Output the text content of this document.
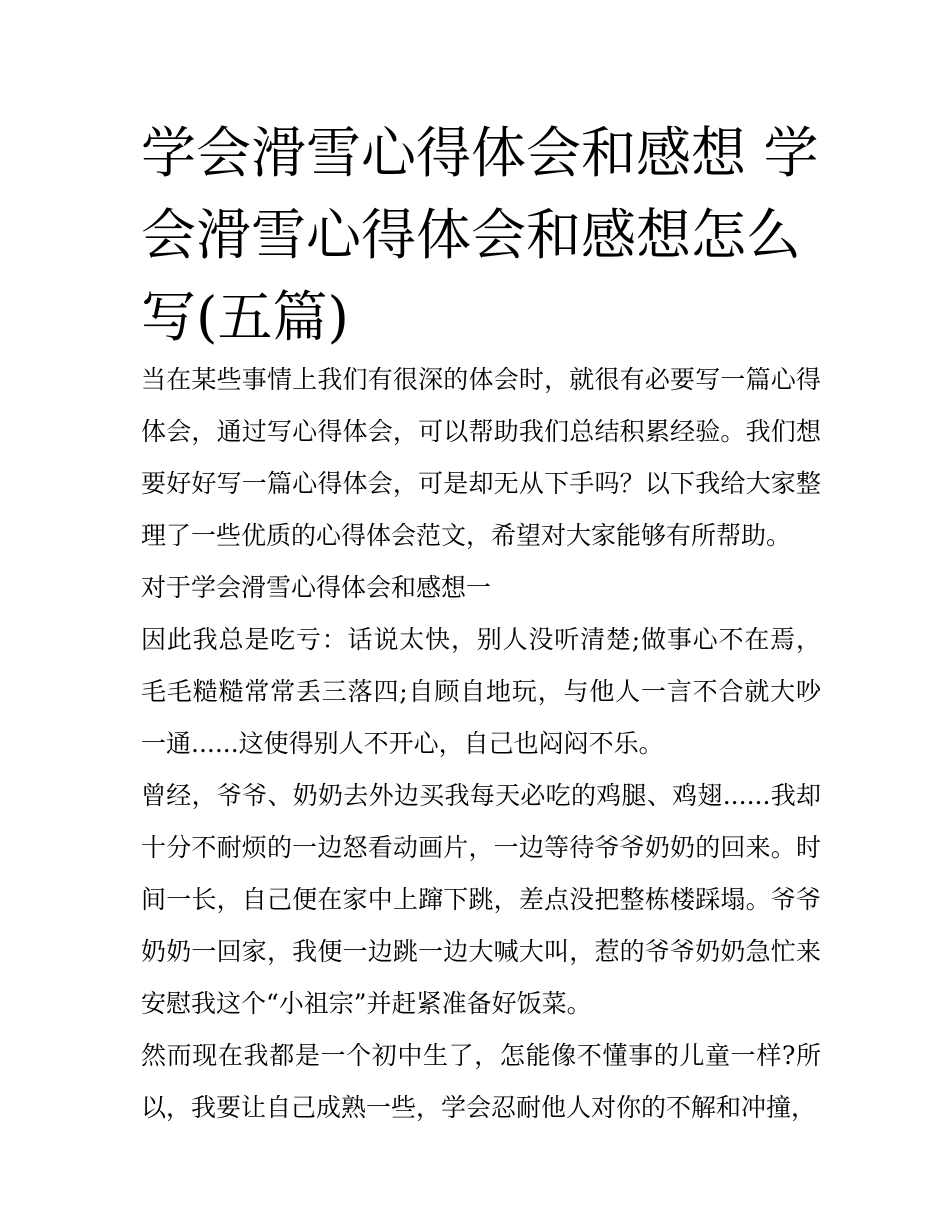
学会滑雪心得体会和感想 学会滑雪心得体会和感想怎么写(五篇)

当在某些事情上我们有很深的体会时，就很有必要写一篇心得体会，通过写心得体会，可以帮助我们总结积累经验。我们想要好好写一篇心得体会，可是却无从下手吗？以下我给大家整理了一些优质的心得体会范文，希望对大家能够有所帮助。

对于学会滑雪心得体会和感想一

因此我总是吃亏：话说太快，别人没听清楚;做事心不在焉，毛毛糙糙常常丢三落四;自顾自地玩，与他人一言不合就大吵一通......这使得别人不开心，自己也闷闷不乐。

曾经，爷爷、奶奶去外边买我每天必吃的鸡腿、鸡翅......我却十分不耐烦的一边怒看动画片，一边等待爷爷奶奶的回来。时间一长，自己便在家中上蹿下跳，差点没把整栋楼踩塌。爷爷奶奶一回家，我便一边跳一边大喊大叫，惹的爷爷奶奶急忙来安慰我这个“小祖宗”并赶紧准备好饭菜。

然而现在我都是一个初中生了，怎能像不懂事的儿童一样?所以，我要让自己成熟一些，学会忍耐他人对你的不解和冲撞，
